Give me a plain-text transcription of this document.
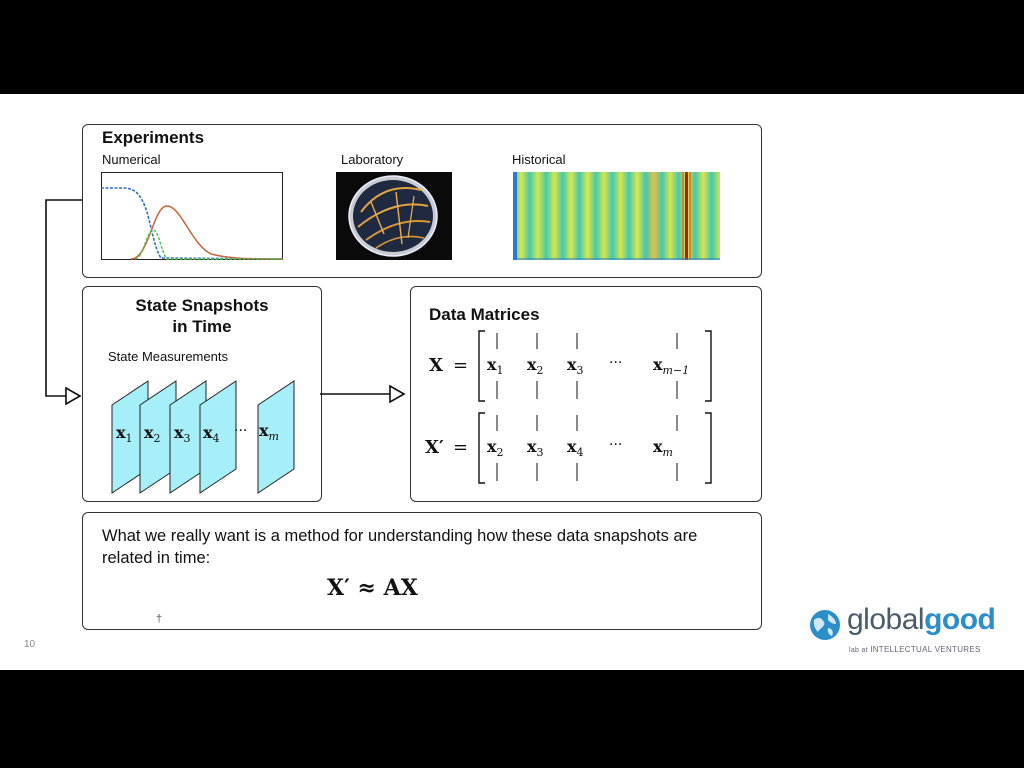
Experiments
Numerical	Laboratory	Historical
State Snapshots
in Time
State Measurements
$x_1$ $x_2$ $x_3$ $x_4$ ··· $x_m$
Data Matrices
$X = x_1$ $x_2$ $x_3$ ··· $x_{m-1}$
$X' = x_2$ $x_3$ $x_4$ ··· $x_m$
What we really want is a method for understanding how these data snapshots are related in time:
X′ ≈ AX
†
10
globalgood
lab at INTELLECTUAL VENTURES
